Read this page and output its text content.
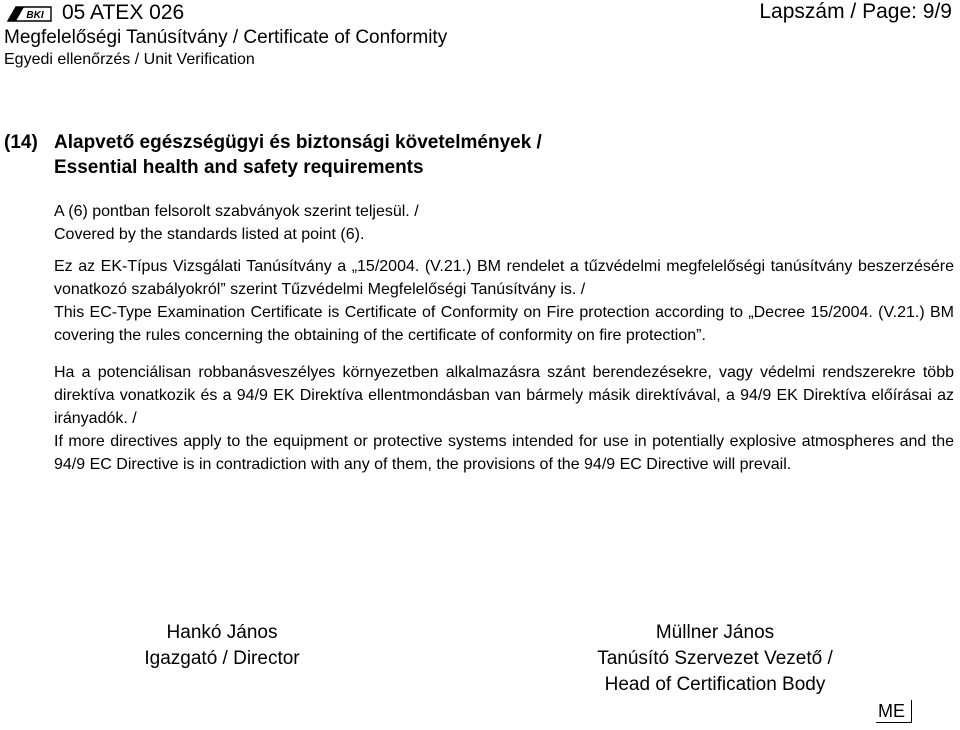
BKI 05 ATEX 026
Megfelelőségi Tanúsítvány / Certificate of Conformity
Egyedi ellenőrzés / Unit Verification
Lapszám / Page: 9/9
(14) Alapvető egészségügyi és biztonsági követelmények /
Essential health and safety requirements

A (6) pontban felsorolt szabványok szerint teljesül. /

Covered by the standards listed at point (6).

Ez az EK-Típus Vizsgálati Tanúsítvány a „15/2004. (V.21.) BM rendelet a tűzvédelmi megfelelőségi tanúsítvány beszerzésére vonatkozó szabályokról” szerint Tűzvédelmi Megfelelőségi Tanúsítvány is. /

This EC-Type Examination Certificate is Certificate of Conformity on Fire protection according to „Decree 15/2004. (V.21.) BM covering the rules concerning the obtaining of the certificate of conformity on fire protection”.

Ha a potenciálisan robbanásveszélyes környezetben alkalmazásra szánt berendezésekre, vagy védelmi rendszerekre több direktíva vonatkozik és a 94/9 EK Direktíva ellentmondásban van bármely másik direktívával, a 94/9 EK Direktíva előírásai az irányadók. /

If more directives apply to the equipment or protective systems intended for use in potentially explosive atmospheres and the 94/9 EC Directive is in contradiction with any of them, the provisions of the 94/9 EC Directive will prevail.

Hankó János
Igazgató / Director
Müllner János
Tanúsító Szervezet Vezető /
Head of Certification Body
ME
